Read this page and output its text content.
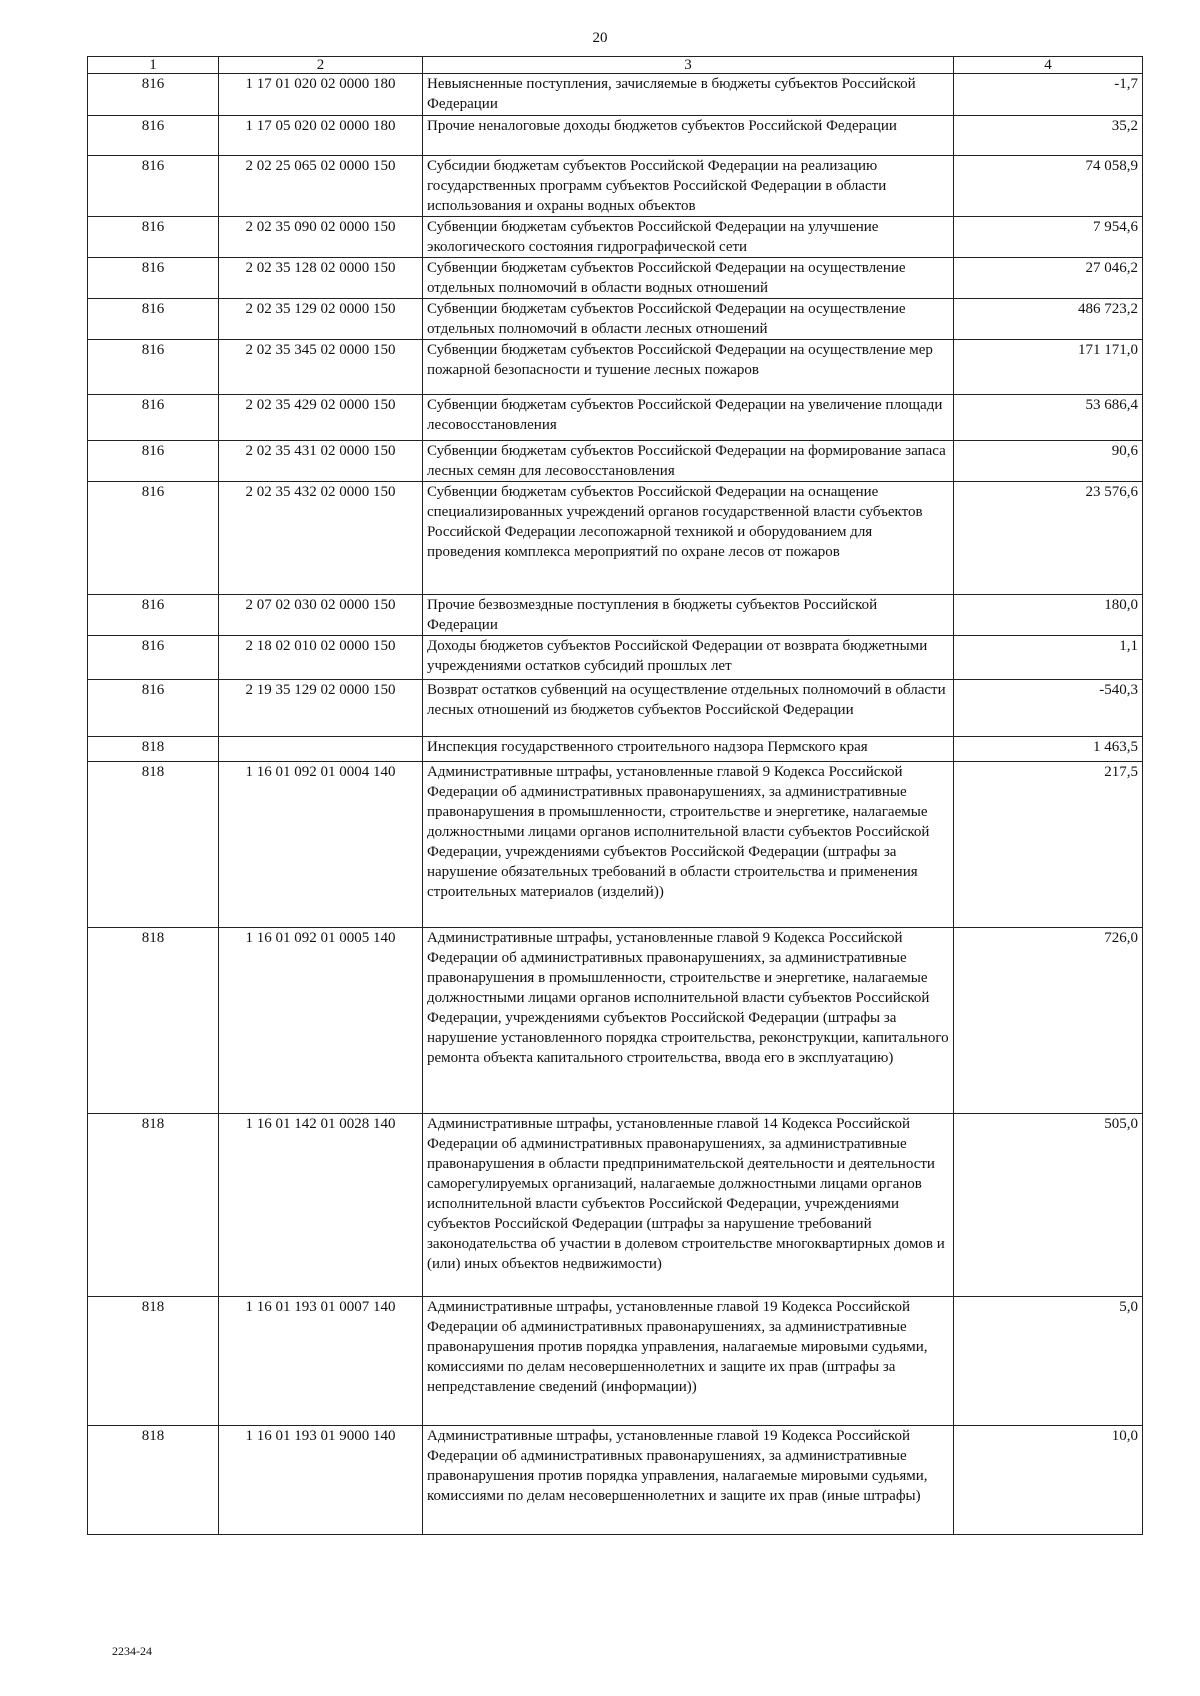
20
1	2	3	4
816	1 17 01 020 02 0000 180	Невыясненные поступления, зачисляемые в бюджеты субъектов Российской Федерации	-1,7
816	1 17 05 020 02 0000 180	Прочие неналоговые доходы бюджетов субъектов Российской Федерации	35,2
816	2 02 25 065 02 0000 150	Субсидии бюджетам субъектов Российской Федерации на реализацию государственных программ субъектов Российской Федерации в области использования и охраны водных объектов	74 058,9
816	2 02 35 090 02 0000 150	Субвенции бюджетам субъектов Российской Федерации на улучшение экологического состояния гидрографической сети	7 954,6
816	2 02 35 128 02 0000 150	Субвенции бюджетам субъектов Российской Федерации на осуществление отдельных полномочий в области водных отношений	27 046,2
816	2 02 35 129 02 0000 150	Субвенции бюджетам субъектов Российской Федерации на осуществление отдельных полномочий в области лесных отношений	486 723,2
816	2 02 35 345 02 0000 150	Субвенции бюджетам субъектов Российской Федерации на осуществление мер пожарной безопасности и тушение лесных пожаров	171 171,0
816	2 02 35 429 02 0000 150	Субвенции бюджетам субъектов Российской Федерации на увеличение площади лесовосстановления	53 686,4
816	2 02 35 431 02 0000 150	Субвенции бюджетам субъектов Российской Федерации на формирование запаса лесных семян для лесовосстановления	90,6
816	2 02 35 432 02 0000 150	Субвенции бюджетам субъектов Российской Федерации на оснащение специализированных учреждений органов государственной власти субъектов Российской Федерации лесопожарной техникой и оборудованием для проведения комплекса мероприятий по охране лесов от пожаров	23 576,6
816	2 07 02 030 02 0000 150	Прочие безвозмездные поступления в бюджеты субъектов Российской Федерации	180,0
816	2 18 02 010 02 0000 150	Доходы бюджетов субъектов Российской Федерации от возврата бюджетными учреждениями остатков субсидий прошлых лет	1,1
816	2 19 35 129 02 0000 150	Возврат остатков субвенций на осуществление отдельных полномочий в области лесных отношений из бюджетов субъектов Российской Федерации	-540,3
818		Инспекция государственного строительного надзора Пермского края	1 463,5
818	1 16 01 092 01 0004 140	Административные штрафы, установленные главой 9 Кодекса Российской Федерации об административных правонарушениях, за административные правонарушения в промышленности, строительстве и энергетике, налагаемые должностными лицами органов исполнительной власти субъектов Российской Федерации, учреждениями субъектов Российской Федерации (штрафы за нарушение обязательных требований в области строительства и применения строительных материалов (изделий))	217,5
818	1 16 01 092 01 0005 140	Административные штрафы, установленные главой 9 Кодекса Российской Федерации об административных правонарушениях, за административные правонарушения в промышленности, строительстве и энергетике, налагаемые должностными лицами органов исполнительной власти субъектов Российской Федерации, учреждениями субъектов Российской Федерации (штрафы за нарушение установленного порядка строительства, реконструкции, капитального ремонта объекта капитального строительства, ввода его в эксплуатацию)	726,0
818	1 16 01 142 01 0028 140	Административные штрафы, установленные главой 14 Кодекса Российской Федерации об административных правонарушениях, за административные правонарушения в области предпринимательской деятельности и деятельности саморегулируемых организаций, налагаемые должностными лицами органов исполнительной власти субъектов Российской Федерации, учреждениями субъектов Российской Федерации (штрафы за нарушение требований законодательства об участии в долевом строительстве многоквартирных домов и (или) иных объектов недвижимости)	505,0
818	1 16 01 193 01 0007 140	Административные штрафы, установленные главой 19 Кодекса Российской Федерации об административных правонарушениях, за административные правонарушения против порядка управления, налагаемые мировыми судьями, комиссиями по делам несовершеннолетних и защите их прав (штрафы за непредставление сведений (информации))	5,0
818	1 16 01 193 01 9000 140	Административные штрафы, установленные главой 19 Кодекса Российской Федерации об административных правонарушениях, за административные правонарушения против порядка управления, налагаемые мировыми судьями, комиссиями по делам несовершеннолетних и защите их прав (иные штрафы)	10,0
2234-24
